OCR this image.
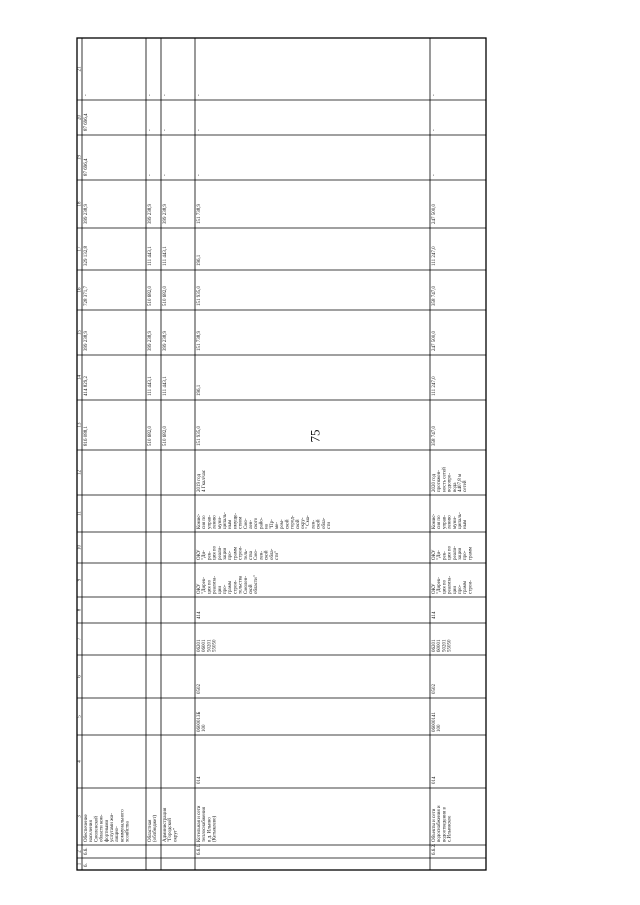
75
1
2
3
4
5
6
7
8
9
10
11
12
13
14
15
16
17
18
19
20
21
-
87 696,4
87 696,4
399 238,9
329 132,8
728 371,7
399 238,9
414 829,2
816 088,1
Обеспечение населения Смоленской области ком- фортными услугами жи- лищно- коммунального хозяйства
6.6.
6.
-
-
-
399 238,9
111 443,1
510 682,0
399 238,9
111 443,1
510 682,0
Областная (облбюджет)
-
-
-
399 238,9
111 443,1
510 682,0
399 238,9
111 443,1
510 682,0
Администрация "Городской округ"
-
-
-
151 738,9
196,1
151 935,0
151 738,9
196,1
151 935,0
2019 год 4 Гкал/час
Комис- сия по управ- лению муни- ципаль- ным имуще- ством Смо- лен- ского райо- на "Пр- ме- ром- ской город- ской окру- " Сма- лен- ской обла- сти
ОКУ "Ди- рек- ция по реали- зации про- грамм строи- тель- ства Смо- лен- ской обла- сти"
ОКУ "Дирек- ция по реализа- ции про- грамм строи- тельства Смолен- ской области"
414
06201 06001 50201 55050
0502
0600013Б 100
014
Котельная и сети теплоснабжения в д. Ильино (Кетыклево)
6.6.1.
-
-
-
247 500,0
111 247,0
358 747,0
247 500,0
111 247,0
358 747,0
2020 год протяжен- ность сетей водопро- вода 4407,8 м сетей
Комис- сия по управ- лению муни- ципаль- ным
ОКУ "Ди- рек- ция по реали- зации про- грамм
ОКУ "Дирек- ция по реализа- ции про- грамм строи-
414
06201 60001 50201 55050
0502
06000141 100
014
Объекты и сети водоснабжения и водоотведения в с.Ильинское
6.6.2.
